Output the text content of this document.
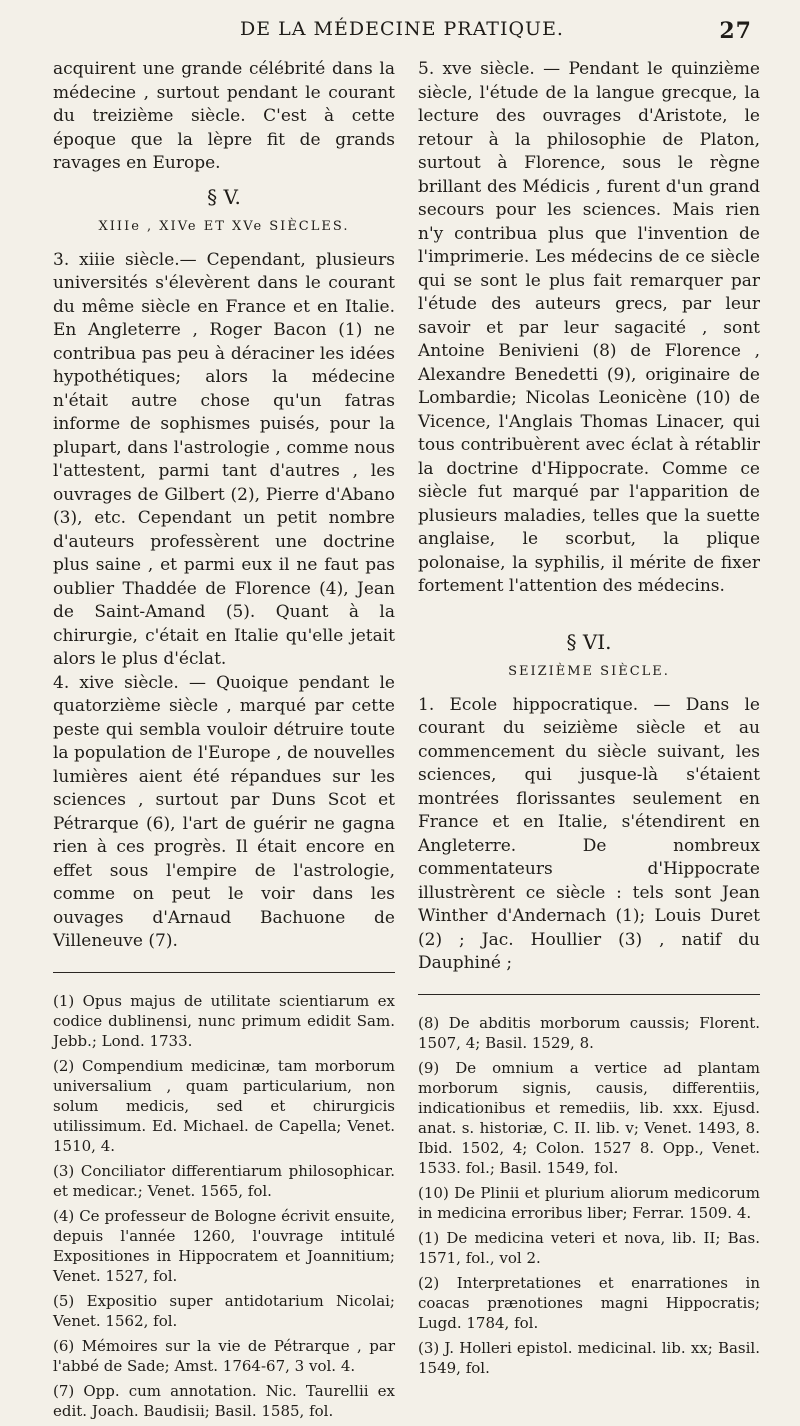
DE LA MÉDECINE PRATIQUE.	27

acquirent une grande célébrité dans la médecine , surtout pendant le courant du treizième siècle. C'est à cette époque que la lèpre fit de grands ravages en Europe.

§ V.
XIIIe , XIVe ET XVe SIÈCLES.

3. xiiie siècle.— Cependant, plusieurs universités s'élevèrent dans le courant du même siècle en France et en Italie. En Angleterre , Roger Bacon (1) ne contribua pas peu à déraciner les idées hypothétiques; alors la médecine n'était autre chose qu'un fatras informe de sophismes puisés, pour la plupart, dans l'astrologie , comme nous l'attestent, parmi tant d'autres , les ouvrages de Gilbert (2), Pierre d'Abano (3), etc. Cependant un petit nombre d'auteurs professèrent une doctrine plus saine , et parmi eux il ne faut pas oublier Thaddée de Florence (4), Jean de Saint-Amand (5). Quant à la chirurgie, c'était en Italie qu'elle jetait alors le plus d'éclat.

4. xive siècle. — Quoique pendant le quatorzième siècle , marqué par cette peste qui sembla vouloir détruire toute la population de l'Europe , de nouvelles lumières aient été répandues sur les sciences , surtout par Duns Scot et Pétrarque (6), l'art de guérir ne gagna rien à ces progrès. Il était encore en effet sous l'empire de l'astrologie, comme on peut le voir dans les ouvages d'Arnaud Bachuone de Villeneuve (7).

(1) Opus majus de utilitate scientiarum ex codice dublinensi, nunc primum edidit Sam. Jebb.; Lond. 1733.

(2) Compendium medicinæ, tam morborum universalium , quam particularium, non solum medicis, sed et chirurgicis utilissimum. Ed. Michael. de Capella; Venet. 1510, 4.

(3) Conciliator differentiarum philosophicar. et medicar.; Venet. 1565, fol.

(4) Ce professeur de Bologne écrivit ensuite, depuis l'année 1260, l'ouvrage intitulé Expositiones in Hippocratem et Joannitium; Venet. 1527, fol.

(5) Expositio super antidotarium Nicolai; Venet. 1562, fol.

(6) Mémoires sur la vie de Pétrarque , par l'abbé de Sade; Amst. 1764-67, 3 vol. 4.

(7) Opp. cum annotation. Nic. Taurellii ex edit. Joach. Baudisii; Basil. 1585, fol.

5. xve siècle. — Pendant le quinzième siècle, l'étude de la langue grecque, la lecture des ouvrages d'Aristote, le retour à la philosophie de Platon, surtout à Florence, sous le règne brillant des Médicis , furent d'un grand secours pour les sciences. Mais rien n'y contribua plus que l'invention de l'imprimerie. Les médecins de ce siècle qui se sont le plus fait remarquer par l'étude des auteurs grecs, par leur savoir et par leur sagacité , sont Antoine Benivieni (8) de Florence , Alexandre Benedetti (9), originaire de Lombardie; Nicolas Leoniсène (10) de Vicence, l'Anglais Thomas Linacer, qui tous contribuèrent avec éclat à rétablir la doctrine d'Hippocrate. Comme ce siècle fut marqué par l'apparition de plusieurs maladies, telles que la suette anglaise, le scorbut, la plique polonaise, la syphilis, il mérite de fixer fortement l'attention des médecins.

§ VI.
SEIZIÈME SIÈCLE.

1. Ecole hippocratique. — Dans le courant du seizième siècle et au commencement du siècle suivant, les sciences, qui jusque-là s'étaient montrées florissantes seulement en France et en Italie, s'étendirent en Angleterre. De nombreux commentateurs d'Hippocrate illustrèrent ce siècle : tels sont Jean Winther d'Andernach (1); Louis Duret (2) ; Jac. Houllier (3) , natif du Dauphiné ;

(8) De abditis morborum caussis; Florent. 1507, 4; Basil. 1529, 8.

(9) De omnium a vertice ad plantam morborum signis, causis, differentiis, indicationibus et remediis, lib. xxx. Ejusd. anat. s. historiæ, C. II. lib. v; Venet. 1493, 8. Ibid. 1502, 4; Colon. 1527 8. Opp., Venet. 1533. fol.; Basil. 1549, fol.

(10) De Plinii et plurium aliorum medicorum in medicina erroribus liber; Ferrar. 1509. 4.

(1) De medicina veteri et nova, lib. II; Bas. 1571, fol., vol 2.

(2) Interpretationes et enarrationes in coacas prænotiones magni Hippocratis; Lugd. 1784, fol.

(3) J. Holleri epistol. medicinal. lib. xx; Basil. 1549, fol.
